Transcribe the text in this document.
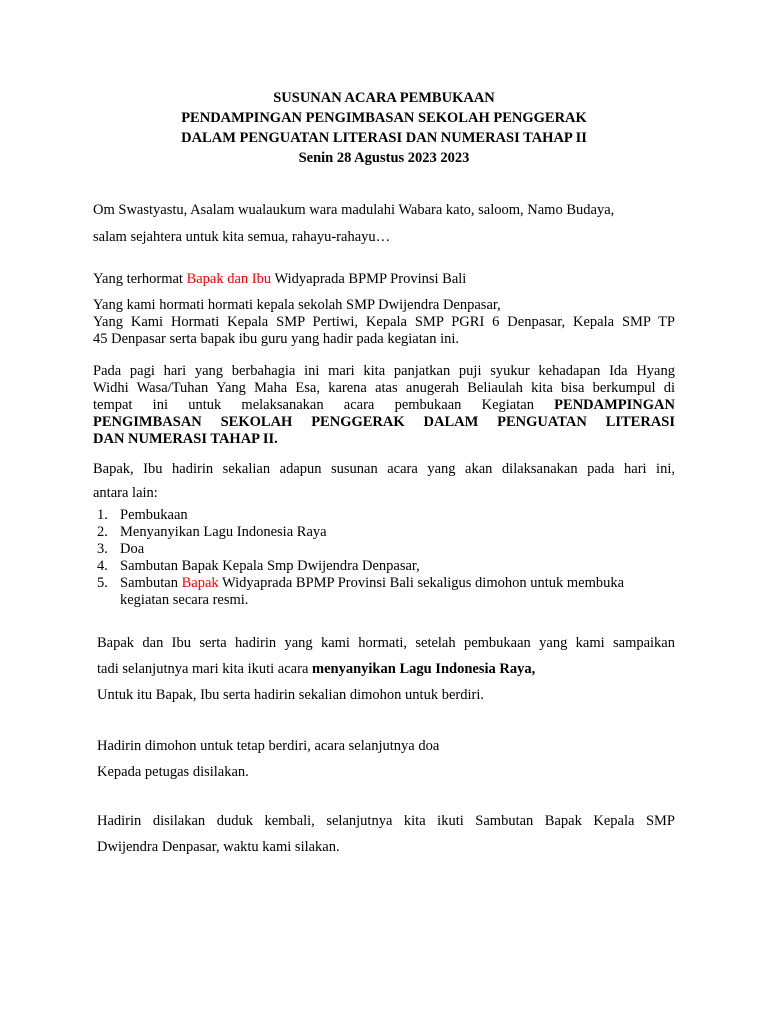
SUSUNAN ACARA PEMBUKAAN
PENDAMPINGAN PENGIMBASAN SEKOLAH PENGGERAK
DALAM PENGUATAN LITERASI DAN NUMERASI TAHAP II
Senin 28 Agustus 2023 2023
Om Swastyastu, Asalam wualaukum wara madulahi Wabara kato, saloom, Namo Budaya,
salam sejahtera untuk kita semua, rahayu-rahayu…
Yang terhormat Bapak dan Ibu Widyaprada BPMP Provinsi Bali
Yang kami hormati hormati kepala sekolah SMP Dwijendra Denpasar,
Yang Kami Hormati Kepala SMP Pertiwi, Kepala SMP PGRI 6 Denpasar, Kepala SMP TP
45 Denpasar serta bapak ibu guru yang hadir pada kegiatan ini.
Pada pagi hari yang berbahagia ini mari kita panjatkan puji syukur kehadapan Ida Hyang
Widhi Wasa/Tuhan Yang Maha Esa, karena atas anugerah Beliaulah kita bisa berkumpul di
tempat ini untuk melaksanakan acara pembukaan Kegiatan PENDAMPINGAN
PENGIMBASAN SEKOLAH PENGGERAK DALAM PENGUATAN LITERASI
DAN NUMERASI TAHAP II.
Bapak, Ibu hadirin sekalian adapun susunan acara yang akan dilaksanakan pada hari ini,
antara lain:
1. Pembukaan
2. Menyanyikan Lagu Indonesia Raya
3. Doa
4. Sambutan Bapak Kepala Smp Dwijendra Denpasar,
5. Sambutan Bapak Widyaprada BPMP Provinsi Bali sekaligus dimohon untuk membuka
kegiatan secara resmi.
Bapak dan Ibu serta hadirin yang kami hormati, setelah pembukaan yang kami sampaikan
tadi selanjutnya mari kita ikuti acara menyanyikan Lagu Indonesia Raya,
Untuk itu Bapak, Ibu serta hadirin sekalian dimohon untuk berdiri.
Hadirin dimohon untuk tetap berdiri, acara selanjutnya doa
Kepada petugas disilakan.
Hadirin disilakan duduk kembali, selanjutnya kita ikuti Sambutan Bapak Kepala SMP
Dwijendra Denpasar, waktu kami silakan.
